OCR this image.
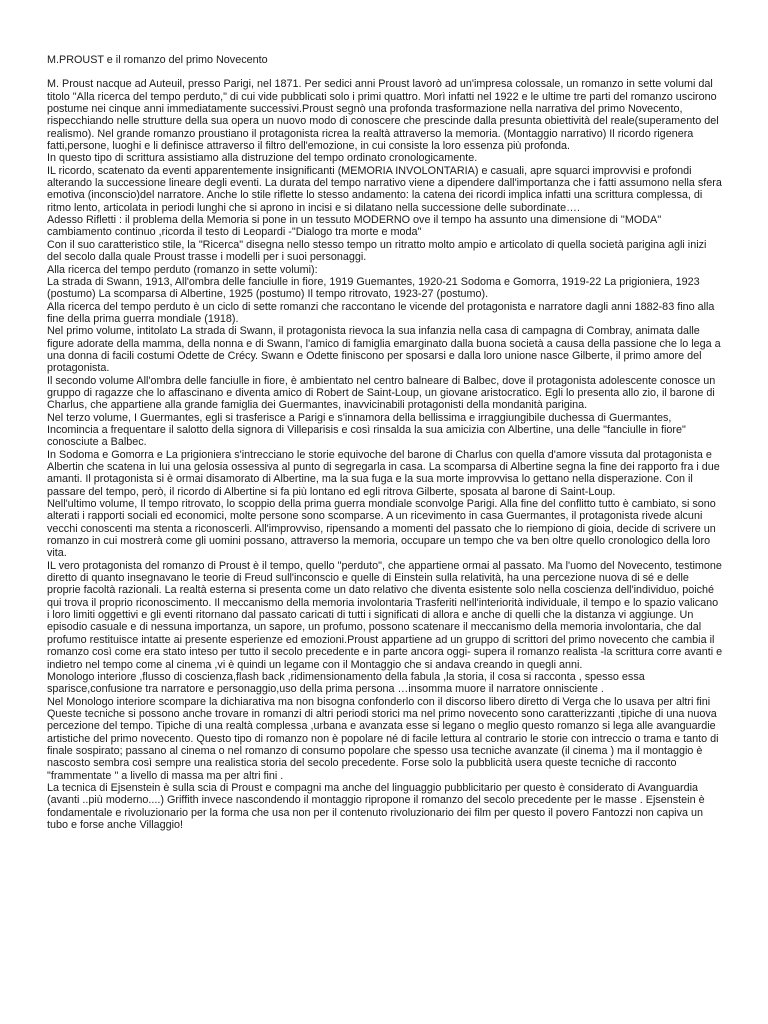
M.PROUST e il romanzo del primo Novecento
M. Proust nacque ad Auteuil, presso Parigi, nel 1871. Per sedici anni Proust lavorò ad un'impresa colossale, un romanzo in sette volumi dal titolo "Alla ricerca del tempo perduto," di cui vide pubblicati solo i primi quattro. Morì infatti nel 1922 e le ultime tre parti del romanzo uscirono postume nei cinque anni immediatamente successivi.Proust segnò una profonda trasformazione nella narrativa del primo Novecento, rispecchiando nelle strutture della sua opera un nuovo modo di conoscere che prescinde dalla presunta obiettività del reale(superamento del realismo). Nel grande romanzo proustiano il protagonista ricrea la realtà attraverso la memoria. (Montaggio narrativo) Il ricordo rigenera fatti,persone, luoghi e li definisce attraverso il filtro dell'emozione, in cui consiste la loro essenza più profonda.
In questo tipo di scrittura assistiamo alla distruzione del tempo ordinato cronologicamente.
IL ricordo, scatenato da eventi apparentemente insignificanti (MEMORIA INVOLONTARIA) e casuali, apre squarci improvvisi e profondi alterando la successione lineare degli eventi. La durata del tempo narrativo viene a dipendere dall'importanza che i fatti assumono nella sfera emotiva (inconscio)del narratore. Anche lo stile riflette lo stesso andamento: la catena dei ricordi implica infatti una scrittura complessa, di ritmo lento, articolata in periodi lunghi che si aprono in incisi e si dilatano nella successione delle subordinate….
Adesso Rifletti : il problema della Memoria si pone in un tessuto MODERNO ove il tempo ha assunto una dimensione di ''MODA'' cambiamento continuo ,ricorda il testo di Leopardi -"Dialogo tra morte e moda"
Con il suo caratteristico stile, la "Ricerca" disegna nello stesso tempo un ritratto molto ampio e articolato di quella società parigina agli inizi del secolo dalla quale Proust trasse i modelli per i suoi personaggi.
Alla ricerca del tempo perduto (romanzo in sette volumi):
La strada di Swann, 1913, All'ombra delle fanciulle in fiore, 1919 Guemantes, 1920-21 Sodoma e Gomorra, 1919-22 La prigioniera, 1923 (postumo) La scomparsa di Albertine, 1925 (postumo) Il tempo ritrovato, 1923-27 (postumo).
Alla ricerca del tempo perduto è un ciclo di sette romanzi che raccontano le vicende del protagonista e narratore dagli anni 1882-83 fino alla fine della prima guerra mondiale (1918).
Nel primo volume, intitolato La strada di Swann, il protagonista rievoca la sua infanzia nella casa di campagna di Combray, animata dalle figure adorate della mamma, della nonna e di Swann, l'amico di famiglia emarginato dalla buona società a causa della passione che lo lega a una donna di facili costumi Odette de Crécy. Swann e Odette finiscono per sposarsi e dalla loro unione nasce Gilberte, il primo amore del protagonista.
Il secondo volume All'ombra delle fanciulle in fiore, è ambientato nel centro balneare di Balbec, dove il protagonista adolescente conosce un gruppo di ragazze che lo affascinano e diventa amico di Robert de Saint-Loup, un giovane aristocratico. Egli lo presenta allo zio, il barone di Charlus, che appartiene alla grande famiglia dei Guermantes, inavvicinabili protagonisti della mondanità parigina.
Nel terzo volume, I Guermantes, egli si trasferisce a Parigi e s'innamora della bellissima e irraggiungibile duchessa di Guermantes, Incomincia a frequentare il salotto della signora di Villeparisis e così rinsalda la sua amicizia con Albertine, una delle "fanciulle in fiore" conosciute a Balbec.
In Sodoma e Gomorra e La prigioniera s'intrecciano le storie equivoche del barone di Charlus con quella d'amore vissuta dal protagonista e Albertin che scatena in lui una gelosia ossessiva al punto di segregarla in casa. La scomparsa di Albertine segna la fine dei rapporto fra i due amanti. Il protagonista si è ormai disamorato di Albertine, ma la sua fuga e la sua morte improvvisa lo gettano nella disperazione. Con il passare del tempo, però, il ricordo di Albertine si fa più lontano ed egli ritrova Gilberte, sposata al barone di Saint-Loup.
Nell'ultimo volume, Il tempo ritrovato, lo scoppio della prima guerra mondiale sconvolge Parigi. Alla fine del conflitto tutto è cambiato, si sono alterati i rapporti sociali ed economici, molte persone sono scomparse. A un ricevimento in casa Guermantes, il protagonista rivede alcuni vecchi conoscenti ma stenta a riconoscerli. All'improvviso, ripensando a momenti del passato che lo riempiono di gioia, decide di scrivere un romanzo in cui mostrerà come gli uomini possano, attraverso la memoria, occupare un tempo che va ben oltre quello cronologico della loro vita.
IL vero protagonista del romanzo di Proust è il tempo, quello "perduto", che appartiene ormai al passato. Ma l'uomo del Novecento, testimone diretto di quanto insegnavano le teorie di Freud sull'inconscio e quelle di Einstein sulla relatività, ha una percezione nuova di sé e delle proprie facoltà razionali. La realtà esterna si presenta come un dato relativo che diventa esistente solo nella coscienza dell'individuo, poiché qui trova il proprio riconoscimento. Il meccanismo della memoria involontaria Trasferiti nell'interiorità individuale, il tempo e lo spazio valicano i loro limiti oggettivi e gli eventi ritornano dal passato caricati di tutti i significati di allora e anche di quelli che la distanza vi aggiunge. Un episodio casuale e di nessuna importanza, un sapore, un profumo, possono scatenare il meccanismo della memoria involontaria, che dal profumo restituisce intatte ai presente esperienze ed emozioni.Proust appartiene ad un gruppo di scrittori del primo novecento che cambia il romanzo così come era stato inteso per tutto il secolo precedente e in parte ancora oggi- supera il romanzo realista -la scrittura corre avanti e indietro nel tempo come al cinema ,vi è quindi un legame con il Montaggio che si andava creando in quegli anni.
Monologo interiore ,flusso di coscienza,flash back ,ridimensionamento della fabula ,la storia, il cosa si racconta , spesso essa sparisce,confusione tra narratore e personaggio,uso della prima persona …insomma muore il narratore onnisciente .
Nel Monologo interiore scompare la dichiarativa ma non bisogna confonderlo con il discorso libero diretto di Verga che lo usava per altri fini
Queste tecniche si possono anche trovare in romanzi di altri periodi storici ma nel primo novecento sono caratterizzanti ,tipiche di una nuova percezione del tempo. Tipiche di una realtà complessa ,urbana e avanzata esse si legano o meglio questo romanzo si lega alle avanguardie artistiche del primo novecento. Questo tipo di romanzo non è popolare né di facile lettura al contrario le storie con intreccio o trama e tanto di finale sospirato; passano al cinema o nel romanzo di consumo popolare che spesso usa tecniche avanzate (il cinema ) ma il montaggio è nascosto sembra così sempre una realistica storia del secolo precedente. Forse solo la pubblicità usera queste tecniche di racconto "frammentate " a livello di massa ma per altri fini .
La tecnica di Ejsenstein è sulla scia di Proust e compagni ma anche del linguaggio pubblicitario per questo è considerato di Avanguardia (avanti ..più moderno....) Griffith invece nascondendo il montaggio ripropone il romanzo del secolo precedente per le masse . Ejsenstein è fondamentale e rivoluzionario per la forma che usa non per il contenuto rivoluzionario dei film per questo il povero Fantozzi non capiva un tubo e forse anche Villaggio!
